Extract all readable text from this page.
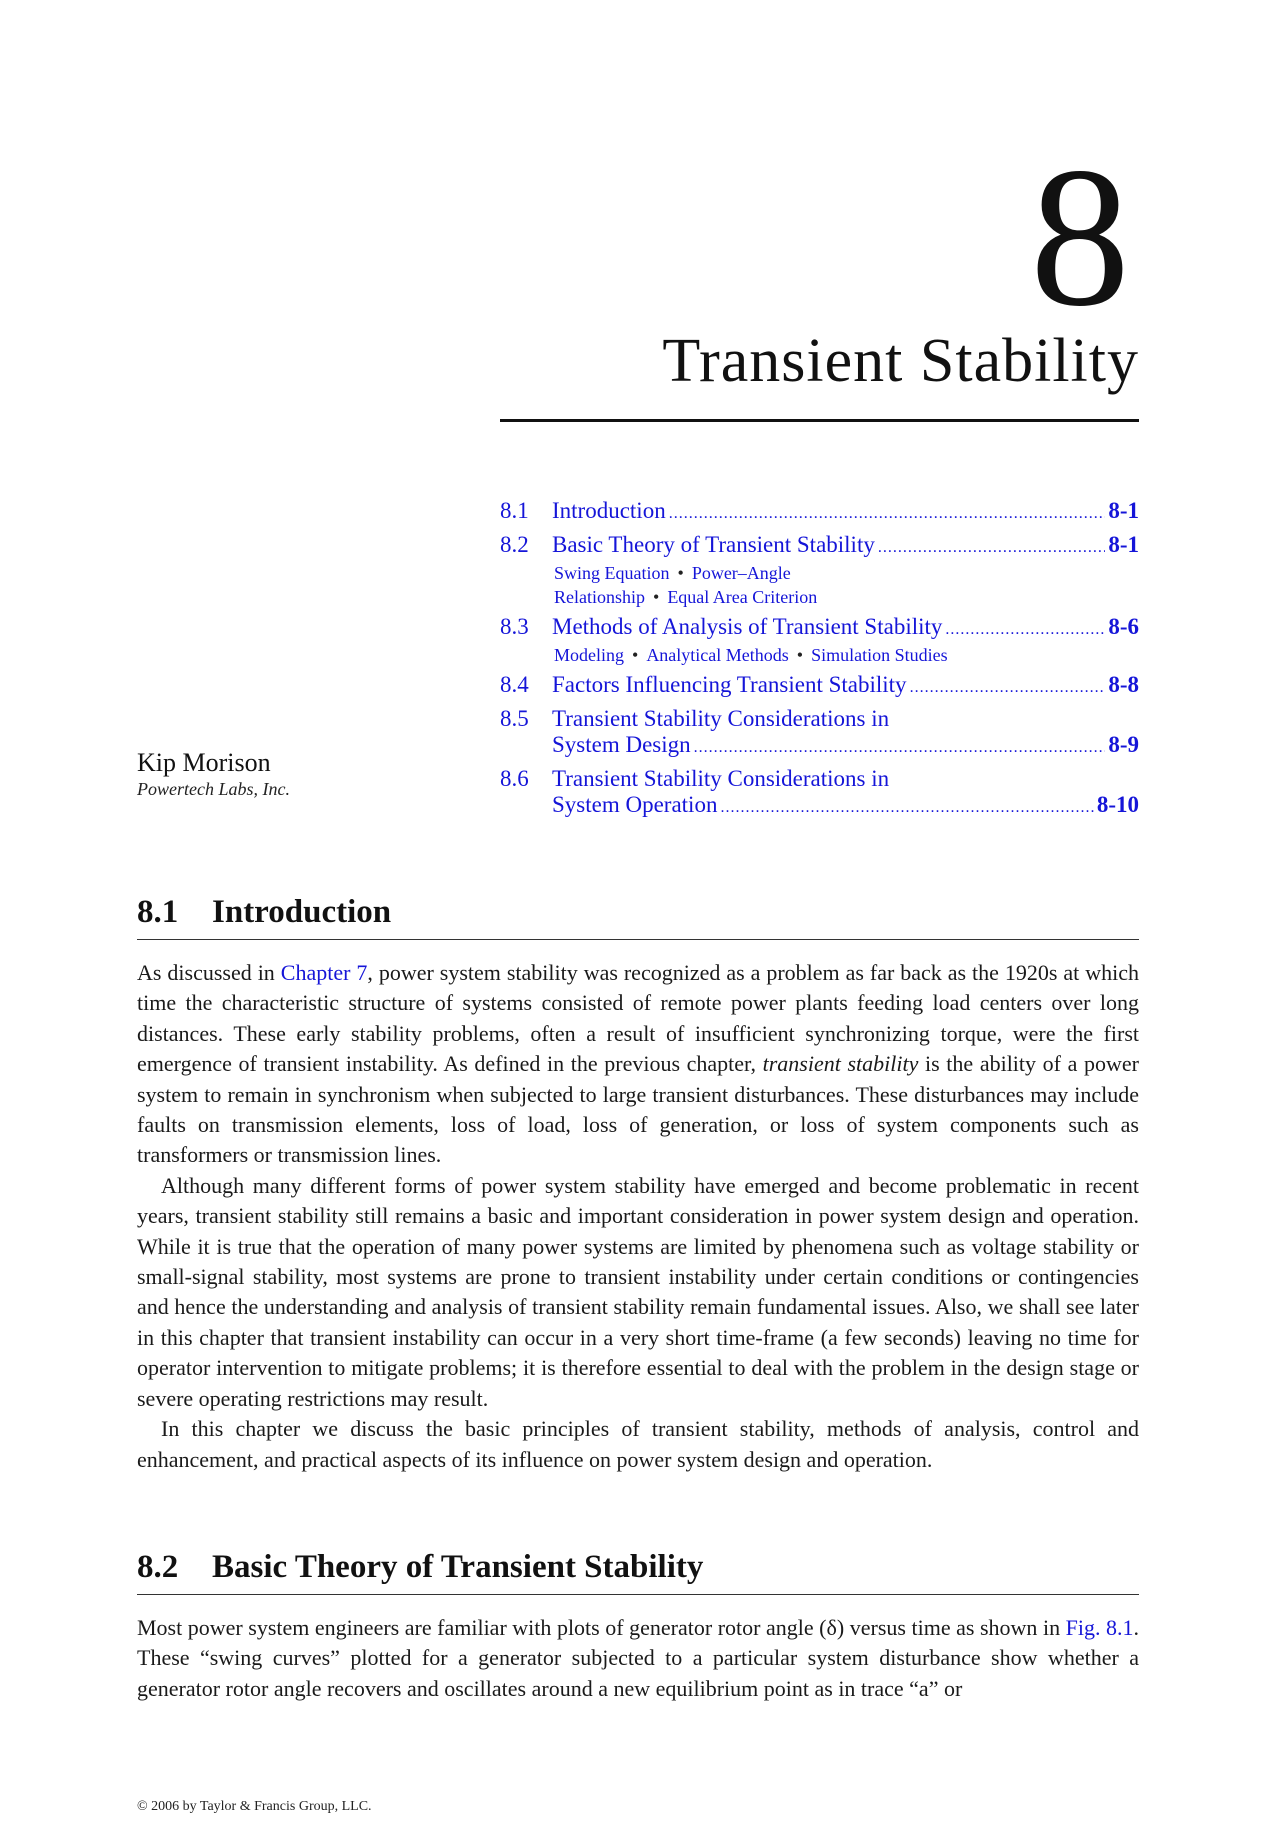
8
Transient Stability
8.1	Introduction .....	8-1
8.2	Basic Theory of Transient Stability .....	8-1
Swing Equation • Power–Angle
Relationship • Equal Area Criterion
8.3	Methods of Analysis of Transient Stability .....	8-6
Modeling • Analytical Methods • Simulation Studies
8.4	Factors Influencing Transient Stability .....	8-8
8.5	Transient Stability Considerations in
System Design .....	8-9
8.6	Transient Stability Considerations in
System Operation .....	8-10
Kip Morison
Powertech Labs, Inc.
8.1 Introduction

As discussed in Chapter 7, power system stability was recognized as a problem as far back as the 1920s at which time the characteristic structure of systems consisted of remote power plants feeding load centers over long distances. These early stability problems, often a result of insufficient synchronizing torque, were the first emergence of transient instability. As defined in the previous chapter, transient stability is the ability of a power system to remain in synchronism when subjected to large transient disturbances. These disturbances may include faults on transmission elements, loss of load, loss of generation, or loss of system components such as transformers or transmission lines.

Although many different forms of power system stability have emerged and become problematic in recent years, transient stability still remains a basic and important consideration in power system design and operation. While it is true that the operation of many power systems are limited by phenomena such as voltage stability or small-signal stability, most systems are prone to transient instability under certain conditions or contingencies and hence the understanding and analysis of transient stability remain fundamental issues. Also, we shall see later in this chapter that transient instability can occur in a very short time-frame (a few seconds) leaving no time for operator intervention to mitigate problems; it is therefore essential to deal with the problem in the design stage or severe operating restrictions may result.

In this chapter we discuss the basic principles of transient stability, methods of analysis, control and enhancement, and practical aspects of its influence on power system design and operation.

8.2 Basic Theory of Transient Stability

Most power system engineers are familiar with plots of generator rotor angle (δ) versus time as shown in Fig. 8.1. These “swing curves” plotted for a generator subjected to a particular system disturbance show whether a generator rotor angle recovers and oscillates around a new equilibrium point as in trace “a” or

© 2006 by Taylor & Francis Group, LLC.
